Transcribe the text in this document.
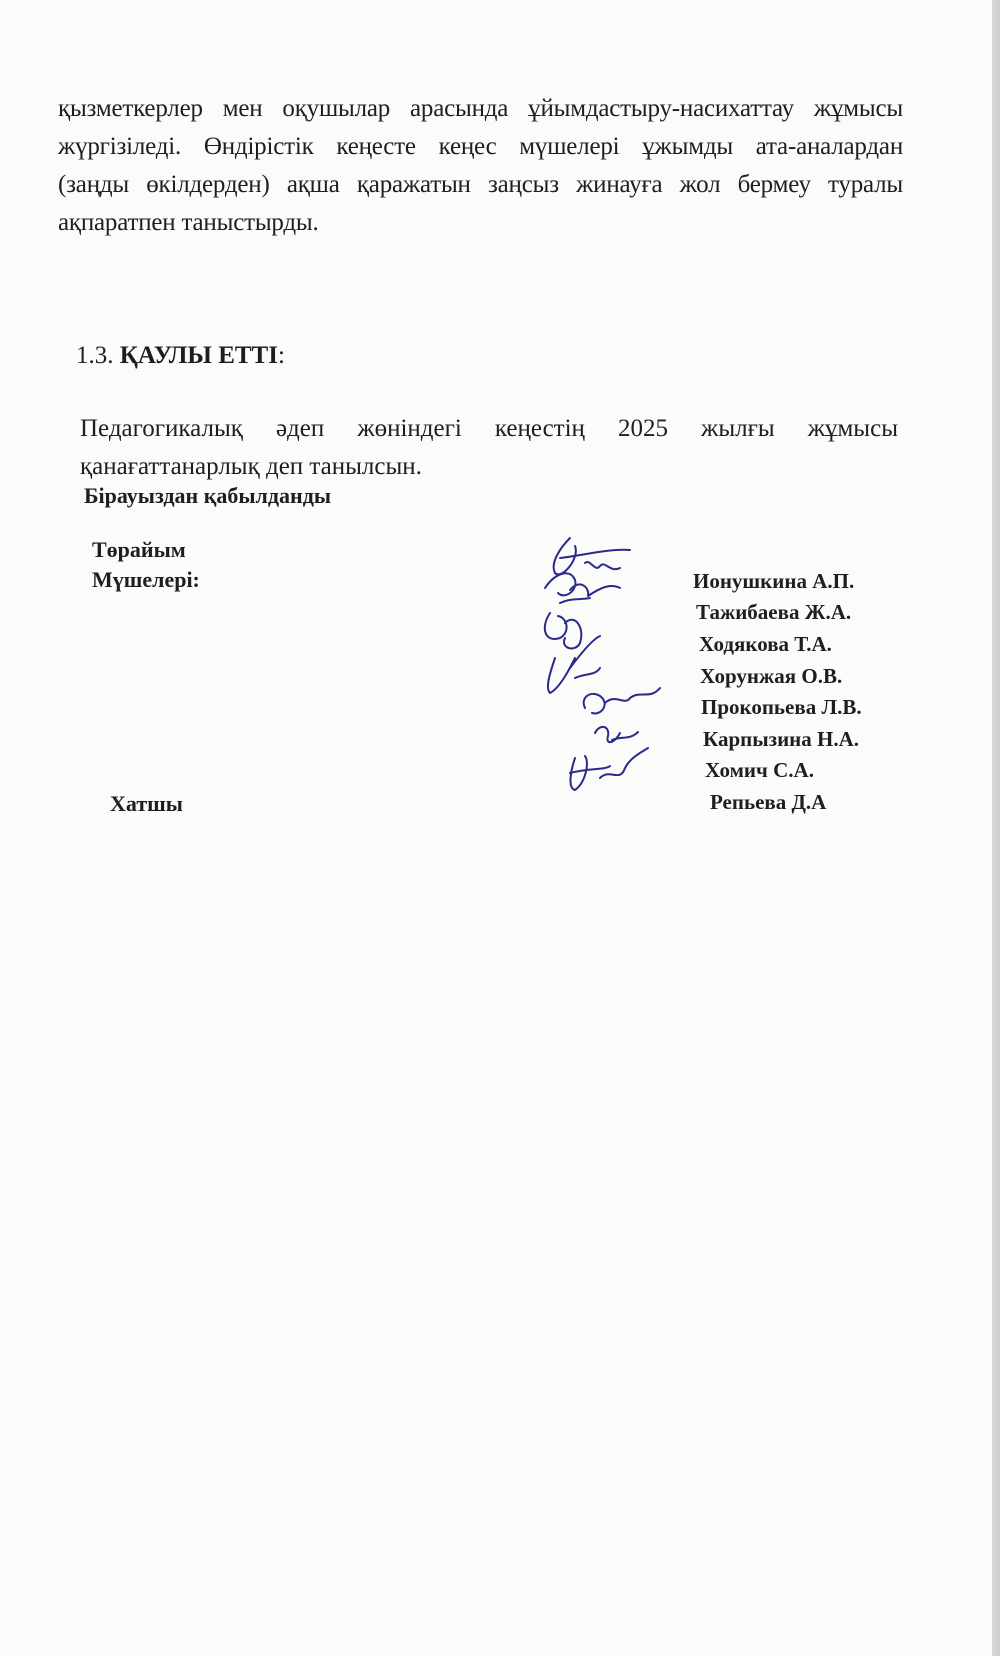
қызметкерлер мен оқушылар арасында ұйымдастыру-насихаттау жұмысы
жүргізіледі. Өндірістік кеңесте кеңес мүшелері ұжымды ата-аналардан
(заңды өкілдерден) ақша қаражатын заңсыз жинауға жол бермеу туралы
ақпаратпен таныстырды.
1.3. ҚАУЛЫ ЕТТІ:
Педагогикалық әдеп жөніндегі кеңестің 2025 жылғы жұмысы
қанағаттанарлық деп танылсын.
Бірауыздан қабылданды
Төрайым
Мүшелері:
Хатшы
Ионушкина А.П.
Тажибаева Ж.А.
Ходякова Т.А.
Хорунжая О.В.
Прокопьева Л.В.
Карпызина Н.А.
Хомич С.А.
Репьева Д.А
